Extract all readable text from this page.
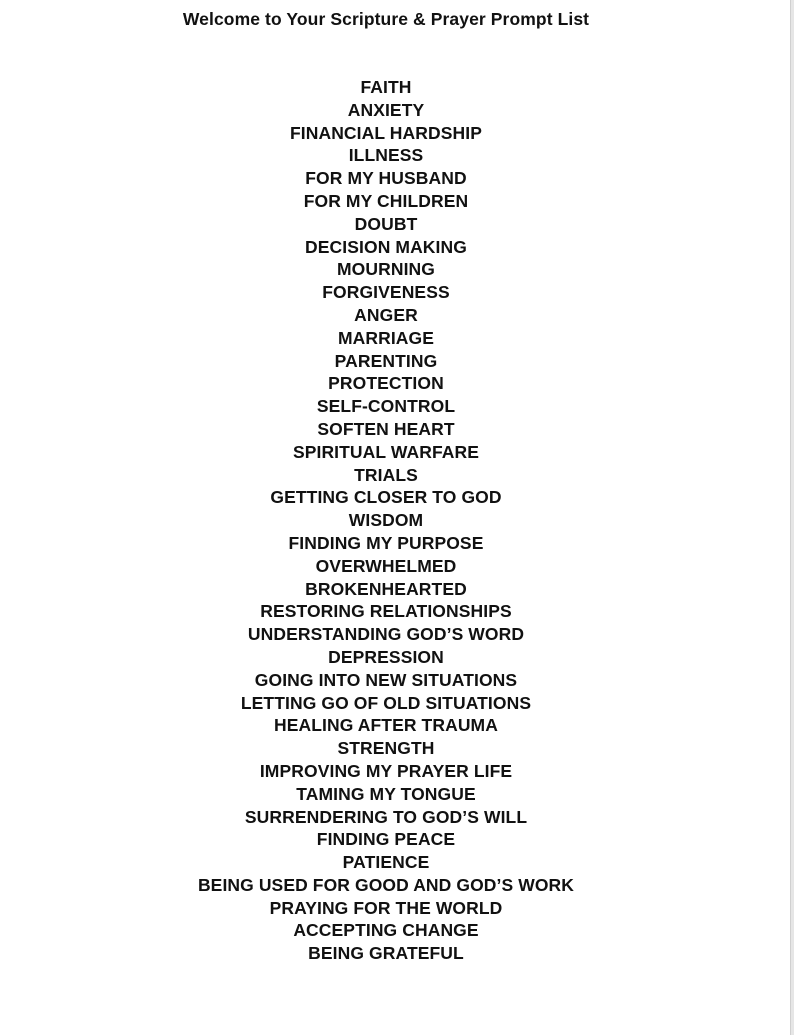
Welcome to Your Scripture & Prayer Prompt List
FAITH
ANXIETY
FINANCIAL HARDSHIP
ILLNESS
FOR MY HUSBAND
FOR MY CHILDREN
DOUBT
DECISION MAKING
MOURNING
FORGIVENESS
ANGER
MARRIAGE
PARENTING
PROTECTION
SELF-CONTROL
SOFTEN HEART
SPIRITUAL WARFARE
TRIALS
GETTING CLOSER TO GOD
WISDOM
FINDING MY PURPOSE
OVERWHELMED
BROKENHEARTED
RESTORING RELATIONSHIPS
UNDERSTANDING GOD’S WORD
DEPRESSION
GOING INTO NEW SITUATIONS
LETTING GO OF OLD SITUATIONS
HEALING AFTER TRAUMA
STRENGTH
IMPROVING MY PRAYER LIFE
TAMING MY TONGUE
SURRENDERING TO GOD’S WILL
FINDING PEACE
PATIENCE
BEING USED FOR GOOD AND GOD’S WORK
PRAYING FOR THE WORLD
ACCEPTING CHANGE
BEING GRATEFUL
